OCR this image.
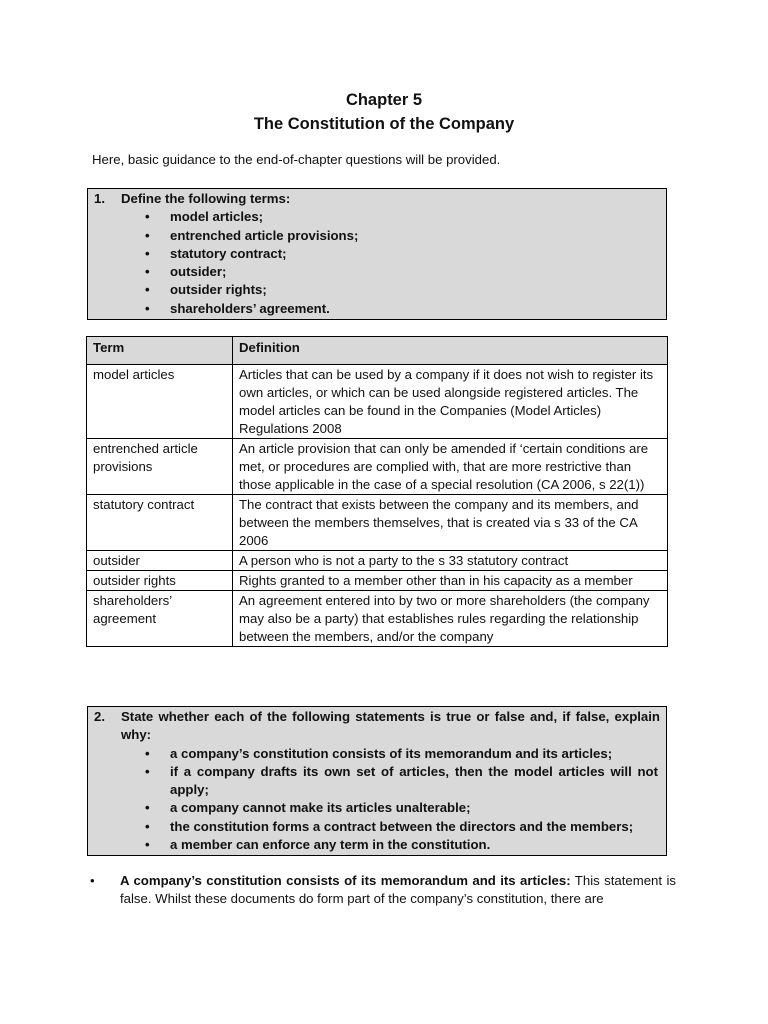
Chapter 5
The Constitution of the Company
Here, basic guidance to the end-of-chapter questions will be provided.
1.	Define the following terms:
•	model articles;
•	entrenched article provisions;
•	statutory contract;
•	outsider;
•	outsider rights;
•	shareholders’ agreement.
Term	Definition
model articles	Articles that can be used by a company if it does not wish to register its own articles, or which can be used alongside registered articles. The model articles can be found in the Companies (Model Articles) Regulations 2008
entrenched article provisions	An article provision that can only be amended if ‘certain conditions are met, or procedures are complied with, that are more restrictive than those applicable in the case of a special resolution (CA 2006, s 22(1))
statutory contract	The contract that exists between the company and its members, and between the members themselves, that is created via s 33 of the CA 2006
outsider	A person who is not a party to the s 33 statutory contract
outsider rights	Rights granted to a member other than in his capacity as a member
shareholders’ agreement	An agreement entered into by two or more shareholders (the company may also be a party) that establishes rules regarding the relationship between the members, and/or the company
2.	State whether each of the following statements is true or false and, if false, explain why:
•	a company’s constitution consists of its memorandum and its articles;
•	if a company drafts its own set of articles, then the model articles will not apply;
•	a company cannot make its articles unalterable;
•	the constitution forms a contract between the directors and the members;
•	a member can enforce any term in the constitution.
•	A company’s constitution consists of its memorandum and its articles: This statement is false. Whilst these documents do form part of the company’s constitution, there are
